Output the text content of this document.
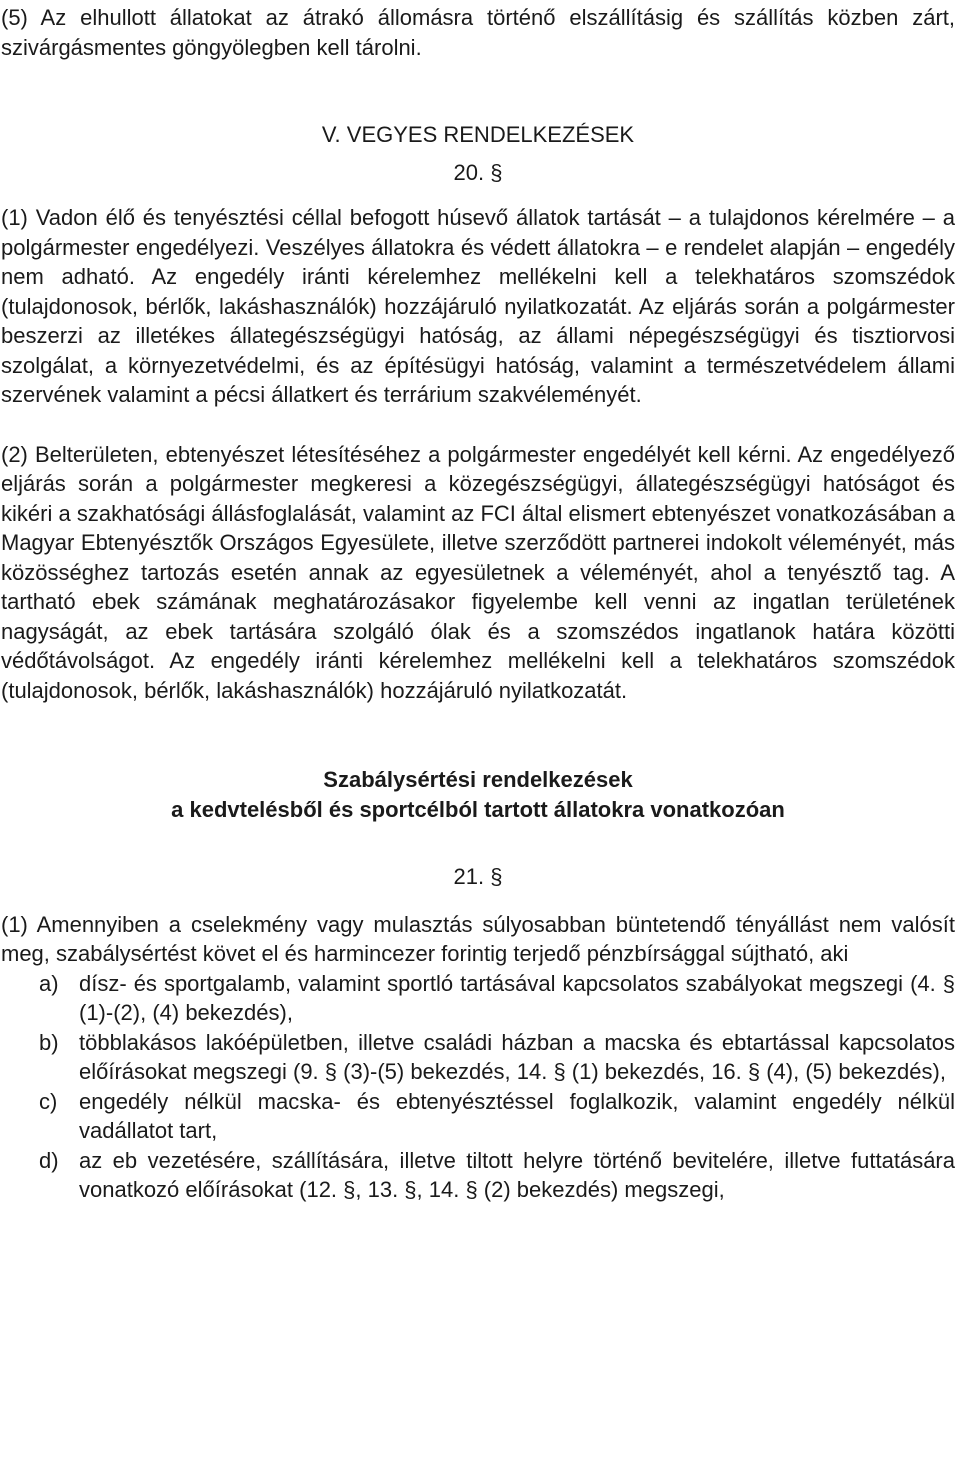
(5) Az elhullott állatokat az átrakó állomásra történő elszállításig és szállítás közben zárt, szivárgásmentes göngyölegben kell tárolni.

V. VEGYES RENDELKEZÉSEK

20. §

(1) Vadon élő és tenyésztési céllal befogott húsevő állatok tartását – a tulajdonos kérelmére – a polgármester engedélyezi. Veszélyes állatokra és védett állatokra – e rendelet alapján – engedély nem adható. Az engedély iránti kérelemhez mellékelni kell a telekhatáros szomszédok (tulajdonosok, bérlők, lakáshasználók) hozzájáruló nyilatkozatát. Az eljárás során a polgármester beszerzi az illetékes állategészségügyi hatóság, az állami népegészségügyi és tisztiorvosi szolgálat, a környezetvédelmi, és az építésügyi hatóság, valamint a természetvédelem állami szervének valamint a pécsi állatkert és terrárium szakvéleményét.

(2) Belterületen, ebtenyészet létesítéséhez a polgármester engedélyét kell kérni. Az engedélyező eljárás során a polgármester megkeresi a közegészségügyi, állategészségügyi hatóságot és kikéri a szakhatósági állásfoglalását, valamint az FCI által elismert ebtenyészet vonatkozásában a Magyar Ebtenyésztők Országos Egyesülete, illetve szerződött partnerei indokolt véleményét, más közösséghez tartozás esetén annak az egyesületnek a véleményét, ahol a tenyésztő tag. A tartható ebek számának meghatározásakor figyelembe kell venni az ingatlan területének nagyságát, az ebek tartására szolgáló ólak és a szomszédos ingatlanok határa közötti védőtávolságot. Az engedély iránti kérelemhez mellékelni kell a telekhatáros szomszédok (tulajdonosok, bérlők, lakáshasználók) hozzájáruló nyilatkozatát.

Szabálysértési rendelkezések
a kedvtelésből és sportcélból tartott állatokra vonatkozóan

21. §

(1) Amennyiben a cselekmény vagy mulasztás súlyosabban büntetendő tényállást nem valósít meg, szabálysértést követ el és harmincezer forintig terjedő pénzbírsággal sújtható, aki

a) dísz- és sportgalamb, valamint sportló tartásával kapcsolatos szabályokat megszegi (4. § (1)-(2), (4) bekezdés),
b) többlakásos lakóépületben, illetve családi házban a macska és ebtartással kapcsolatos előírásokat megszegi (9. § (3)-(5) bekezdés, 14. § (1) bekezdés, 16. § (4), (5) bekezdés),
c) engedély nélkül macska- és ebtenyésztéssel foglalkozik, valamint engedély nélkül vadállatot tart,
d) az eb vezetésére, szállítására, illetve tiltott helyre történő bevitelére, illetve futtatására vonatkozó előírásokat (12. §, 13. §, 14. § (2) bekezdés) megszegi,
